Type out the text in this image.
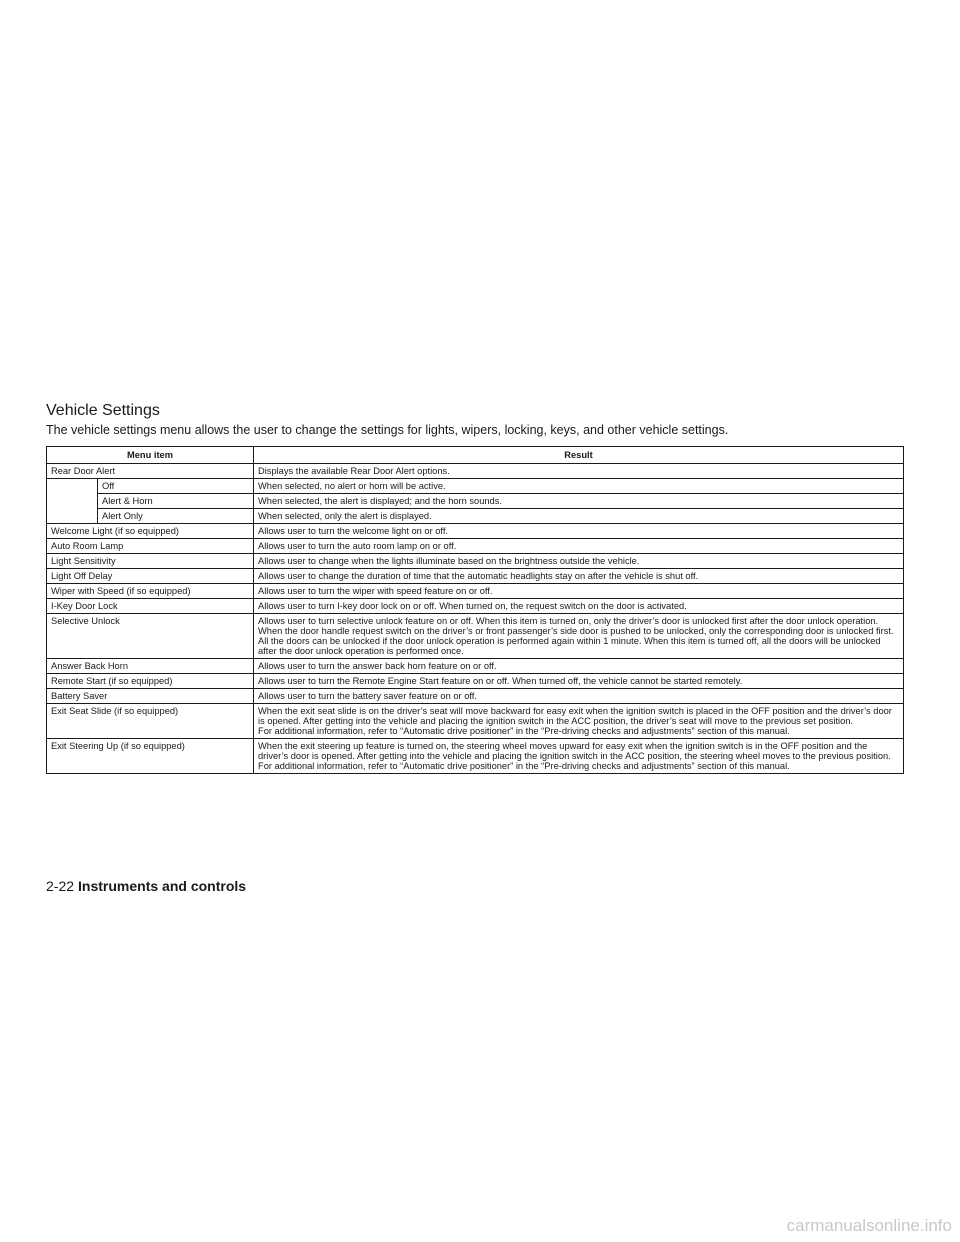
Vehicle Settings

The vehicle settings menu allows the user to change the settings for lights, wipers, locking, keys, and other vehicle settings.

Menu item		Result
Rear Door Alert		Displays the available Rear Door Alert options.
	Off	When selected, no alert or horn will be active.
	Alert & Horn	When selected, the alert is displayed; and the horn sounds.
	Alert Only	When selected, only the alert is displayed.
Welcome Light (if so equipped)		Allows user to turn the welcome light on or off.
Auto Room Lamp		Allows user to turn the auto room lamp on or off.
Light Sensitivity		Allows user to change when the lights illuminate based on the brightness outside the vehicle.
Light Off Delay		Allows user to change the duration of time that the automatic headlights stay on after the vehicle is shut off.
Wiper with Speed (if so equipped)		Allows user to turn the wiper with speed feature on or off.
I-Key Door Lock		Allows user to turn I-key door lock on or off. When turned on, the request switch on the door is activated.
Selective Unlock		Allows user to turn selective unlock feature on or off. When this item is turned on, only the driver’s door is unlocked first after the door unlock operation. When the door handle request switch on the driver’s or front passenger’s side door is pushed to be unlocked, only the corresponding door is unlocked first. All the doors can be unlocked if the door unlock operation is performed again within 1 minute. When this item is turned off, all the doors will be unlocked after the door unlock operation is performed once.
Answer Back Horn		Allows user to turn the answer back horn feature on or off.
Remote Start (if so equipped)		Allows user to turn the Remote Engine Start feature on or off. When turned off, the vehicle cannot be started remotely.
Battery Saver		Allows user to turn the battery saver feature on or off.
Exit Seat Slide (if so equipped)		When the exit seat slide is on the driver’s seat will move backward for easy exit when the ignition switch is placed in the OFF position and the driver’s door is opened. After getting into the vehicle and placing the ignition switch in the ACC position, the driver’s seat will move to the previous set position.
For additional information, refer to “Automatic drive positioner” in the “Pre-driving checks and adjustments” section of this manual.

Exit Steering Up (if so equipped)		When the exit steering up feature is turned on, the steering wheel moves upward for easy exit when the ignition switch is in the OFF position and the driver’s door is opened. After getting into the vehicle and placing the ignition switch in the ACC position, the steering wheel moves to the previous position.
For additional information, refer to “Automatic drive positioner” in the “Pre-driving checks and adjustments” section of this manual.
2-22 Instruments and controls
carmanualsonline.info
